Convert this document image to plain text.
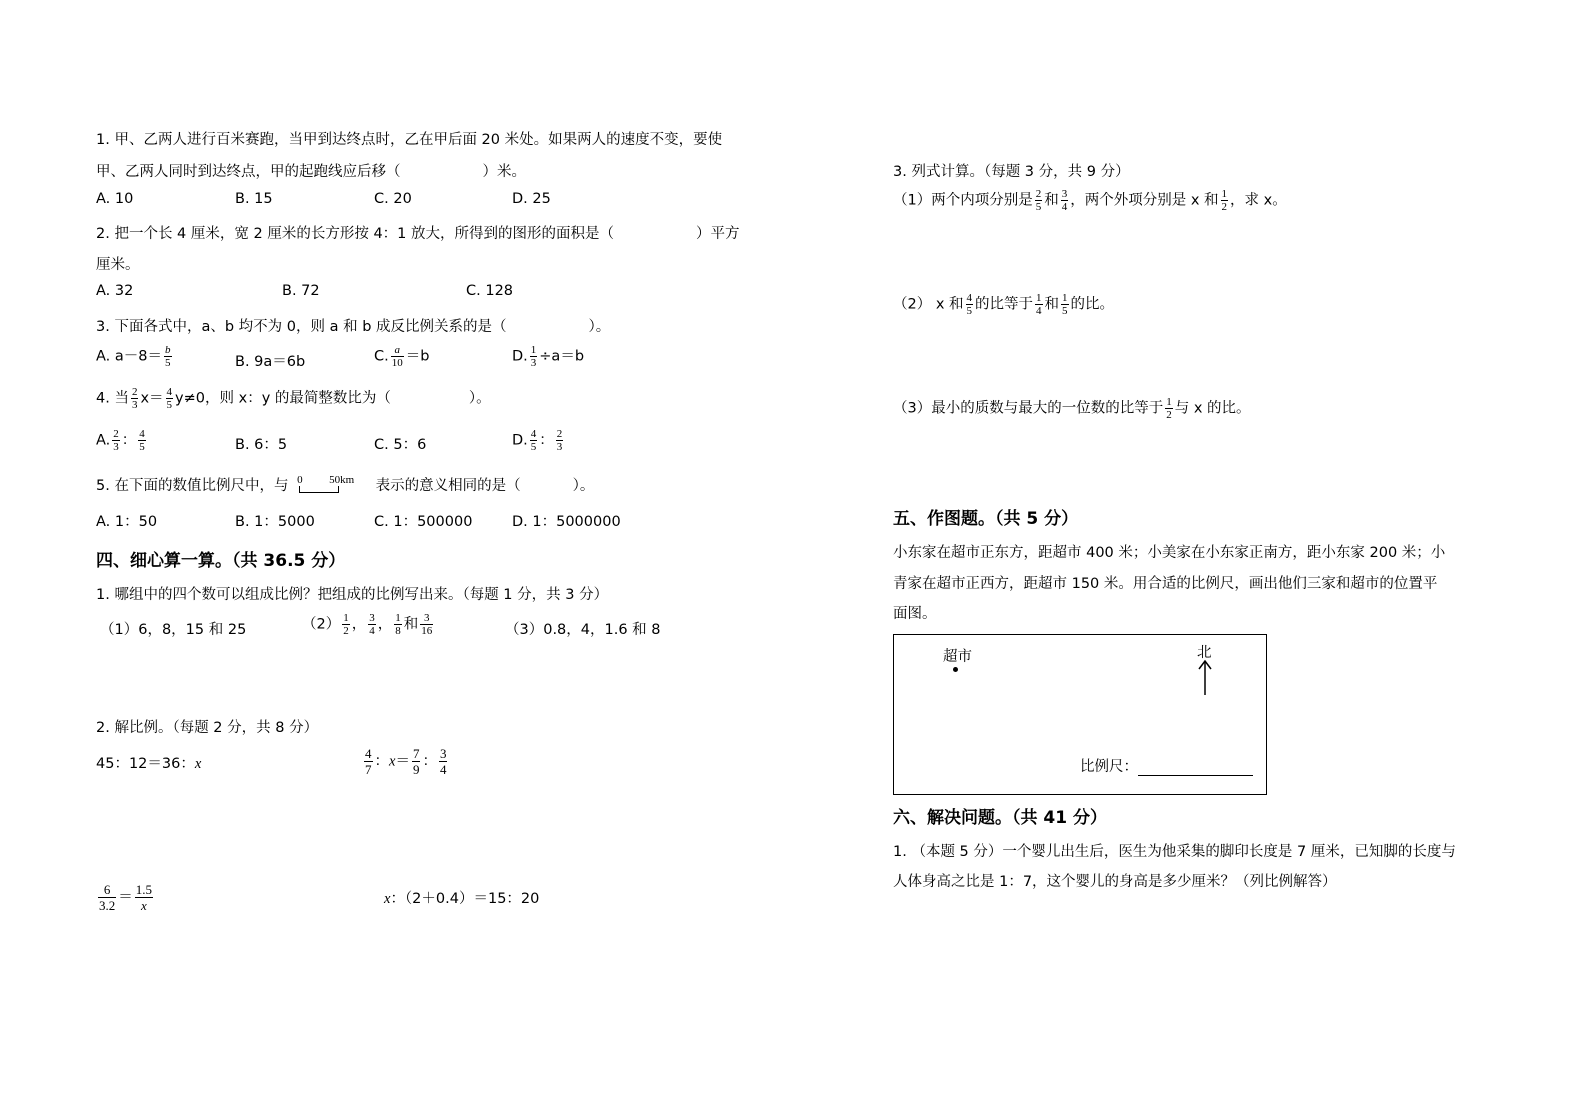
1. 甲、乙两人进行百米赛跑，当甲到达终点时，乙在甲后面 20 米处。如果两人的速度不变，要使
甲、乙两人同时到达终点，甲的起跑线应后移（	）米。
A. 10	B. 15	C. 20	D. 25
2. 把一个长 4 厘米，宽 2 厘米的长方形按 4：1 放大，所得到的图形的面积是（	）平方
厘米。
A. 32	B. 72	C. 128
3. 下面各式中，a、b 均不为 0，则 a 和 b 成反比例关系的是（	）。
A. $a-8= \frac{b}{5}$	B. 9a＝6b	C. $\frac{a}{10} =b$	D. $\frac{1}{3} \div a=b$
4. 当 $\frac{2}{3} x= \frac{4}{5} y\ne 0$，则 x：y 的最简整数比为（	）。
A. $\frac{2}{3}$ ： $\frac{4}{5}$	B. 6：5	C. 5：6	D. $\frac{4}{5}$ ： $\frac{2}{3}$
5. 在下面的数值比例尺中，与 0 50km 表示的意义相同的是（	）。
A. 1：50	B. 1：5000	C. 1：500000	D. 1：5000000
四、细心算一算。（共 36.5 分）
1. 哪组中的四个数可以组成比例？把组成的比例写出来。（每题 1 分，共 3 分）
（1）6，8，15 和 25	$(2) \frac{1}{2}$ ， $\frac{3}{4}$ ， $\frac{1}{8}$ 和 $\frac{3}{16}$	（3）0.8，4，1.6 和 8
2. 解比例。（每题 2 分，共 8 分）
45：12＝36：x	$\frac{4}{7}$ ：$x= \frac{7}{9}$ ： $\frac{3}{4}$
$\frac{6}{3.2} = \frac{1.5}{x}$	x：（2＋0.4）＝15：20
3. 列式计算。（每题 3 分，共 9 分）
（1）两个内项分别是 $\frac{2}{5}$ 和 $\frac{3}{4}$ ，两个外项分别是 x 和 $\frac{1}{2}$ ，求 x。
（2） x 和 $\frac{4}{5}$ 的比等于 $\frac{1}{4}$ 和 $\frac{1}{5}$ 的比。
（3）最小的质数与最大的一位数的比等于 $\frac{1}{2}$ 与 x 的比。
五、作图题。（共 5 分）
小东家在超市正东方，距超市 400 米；小美家在小东家正南方，距小东家 200 米；小
青家在超市正西方，距超市 150 米。用合适的比例尺，画出他们三家和超市的位置平
面图。
超市	北
比例尺：
六、解决问题。（共 41 分）
1. （本题 5 分）一个婴儿出生后，医生为他采集的脚印长度是 7 厘米，已知脚的长度与
人体身高之比是 1：7，这个婴儿的身高是多少厘米？（列比例解答）
